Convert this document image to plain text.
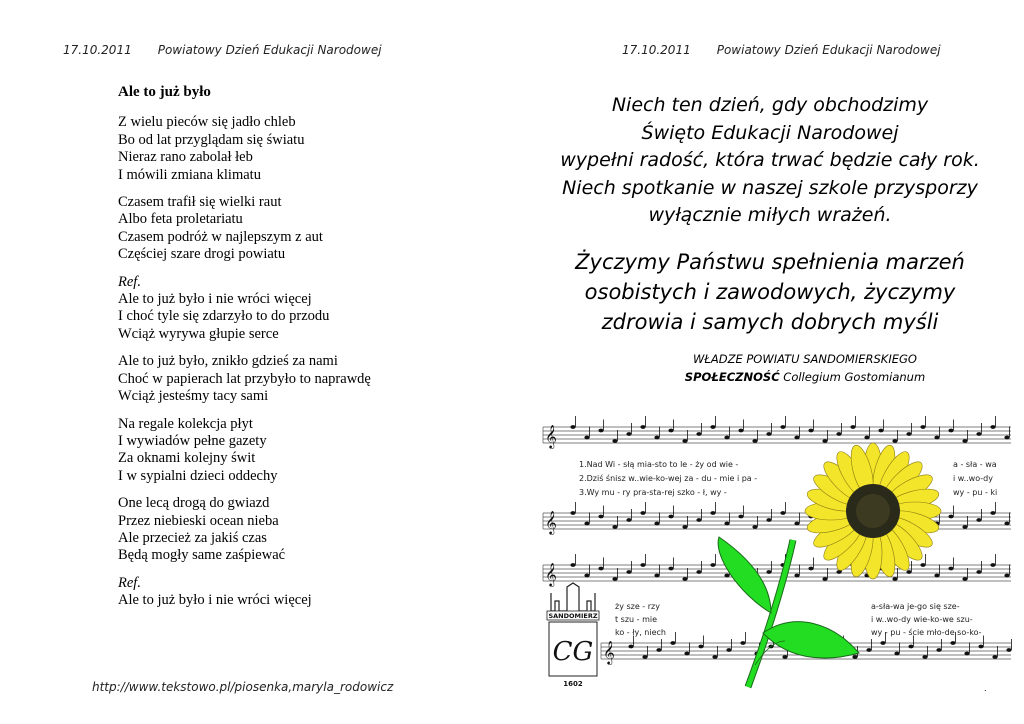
17.10.2011 Powiatowy Dzień Edukacji Narodowej	17.10.2011 Powiatowy Dzień Edukacji Narodowej
Ale to już było
Z wielu pieców się jadło chleb
Bo od lat przyglądam się światu
Nieraz rano zabolał łeb
I mówili zmiana klimatu
Czasem trafił się wielki raut
Albo feta proletariatu
Czasem podróż w najlepszym z aut
Częściej szare drogi powiatu
Ref.
Ale to już było i nie wróci więcej
I choć tyle się zdarzyło to do przodu
Wciąż wyrywa głupie serce
Ale to już było, znikło gdzieś za nami
Choć w papierach lat przybyło to naprawdę
Wciąż jesteśmy tacy sami
Na regale kolekcja płyt
I wywiadów pełne gazety
Za oknami kolejny świt
I w sypialni dzieci oddechy
One lecą drogą do gwiazd
Przez niebieski ocean nieba
Ale przecież za jakiś czas
Będą mogły same zaśpiewać
Ref.
Ale to już było i nie wróci więcej
http://www.tekstowo.pl/piosenka,maryla_rodowicz
Niech ten dzień, gdy obchodzimy
Święto Edukacji Narodowej
wypełni radość, która trwać będzie cały rok.
Niech spotkanie w naszej szkole przysporzy
wyłącznie miłych wrażeń.
Życzymy Państwu spełnienia marzeń
osobistych i zawodowych, życzymy
zdrowia i samych dobrych myśli
WŁADZE POWIATU SANDOMIERSKIEGO
SPOŁECZNOŚĆ Collegium Gostomianum
𝄞
𝄞
𝄞
𝄞
1.Nad Wi - słą mia-sto to le - ży od wie -
2.Dziś śnisz w..wie-ko-wej za - du - mie i pa -
3.Wy mu - ry pra-sta-rej szko - ł, wy -
a - sła - wa
i w..wo-dy
wy - pu - ki
ży sze - rzy
t szu - mie
ko - ły, niech
a-sła-wa je-go się sze-
i w..wo-dy wie-ko-we szu-
wy - pu - ście mło-de so-ko-
SANDOMIERZ
CG
1602	.
